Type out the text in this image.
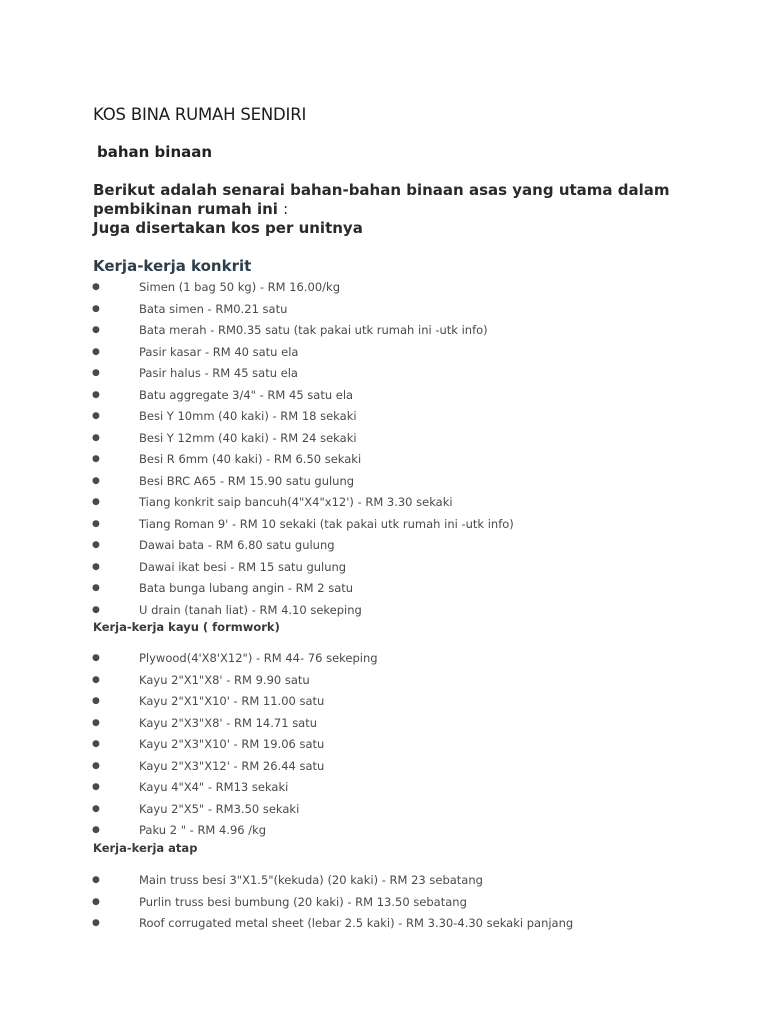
KOS BINA RUMAH SENDIRI
bahan binaan

Berikut adalah senarai bahan-bahan binaan asas yang utama dalam
pembikinan rumah ini :
Juga disertakan kos per unitnya

Kerja-kerja konkrit
●	Simen (1 bag 50 kg) - RM 16.00/kg
●	Bata simen - RM0.21 satu
●	Bata merah - RM0.35 satu (tak pakai utk rumah ini -utk info)
●	Pasir kasar - RM 40 satu ela
●	Pasir halus - RM 45 satu ela
●	Batu aggregate 3/4" - RM 45 satu ela
●	Besi Y 10mm (40 kaki) - RM 18 sekaki
●	Besi Y 12mm (40 kaki) - RM 24 sekaki
●	Besi R 6mm (40 kaki) - RM 6.50 sekaki
●	Besi BRC A65 - RM 15.90 satu gulung
●	Tiang konkrit saip bancuh(4"X4"x12') - RM 3.30 sekaki
●	Tiang Roman 9' - RM 10 sekaki (tak pakai utk rumah ini -utk info)
●	Dawai bata - RM 6.80 satu gulung
●	Dawai ikat besi - RM 15 satu gulung
●	Bata bunga lubang angin - RM 2 satu
●	U drain (tanah liat) - RM 4.10 sekeping
Kerja-kerja kayu ( formwork)
●	Plywood(4'X8'X12") - RM 44- 76 sekeping
●	Kayu 2"X1"X8' - RM 9.90 satu
●	Kayu 2"X1"X10' - RM 11.00 satu
●	Kayu 2"X3"X8' - RM 14.71 satu
●	Kayu 2"X3"X10' - RM 19.06 satu
●	Kayu 2"X3"X12' - RM 26.44 satu
●	Kayu 4"X4" - RM13 sekaki
●	Kayu 2"X5" - RM3.50 sekaki
●	Paku 2 " - RM 4.96 /kg
Kerja-kerja atap
●	Main truss besi 3"X1.5"(kekuda) (20 kaki) - RM 23 sebatang
●	Purlin truss besi bumbung (20 kaki) - RM 13.50 sebatang
●	Roof corrugated metal sheet (lebar 2.5 kaki) - RM 3.30-4.30 sekaki panjang
